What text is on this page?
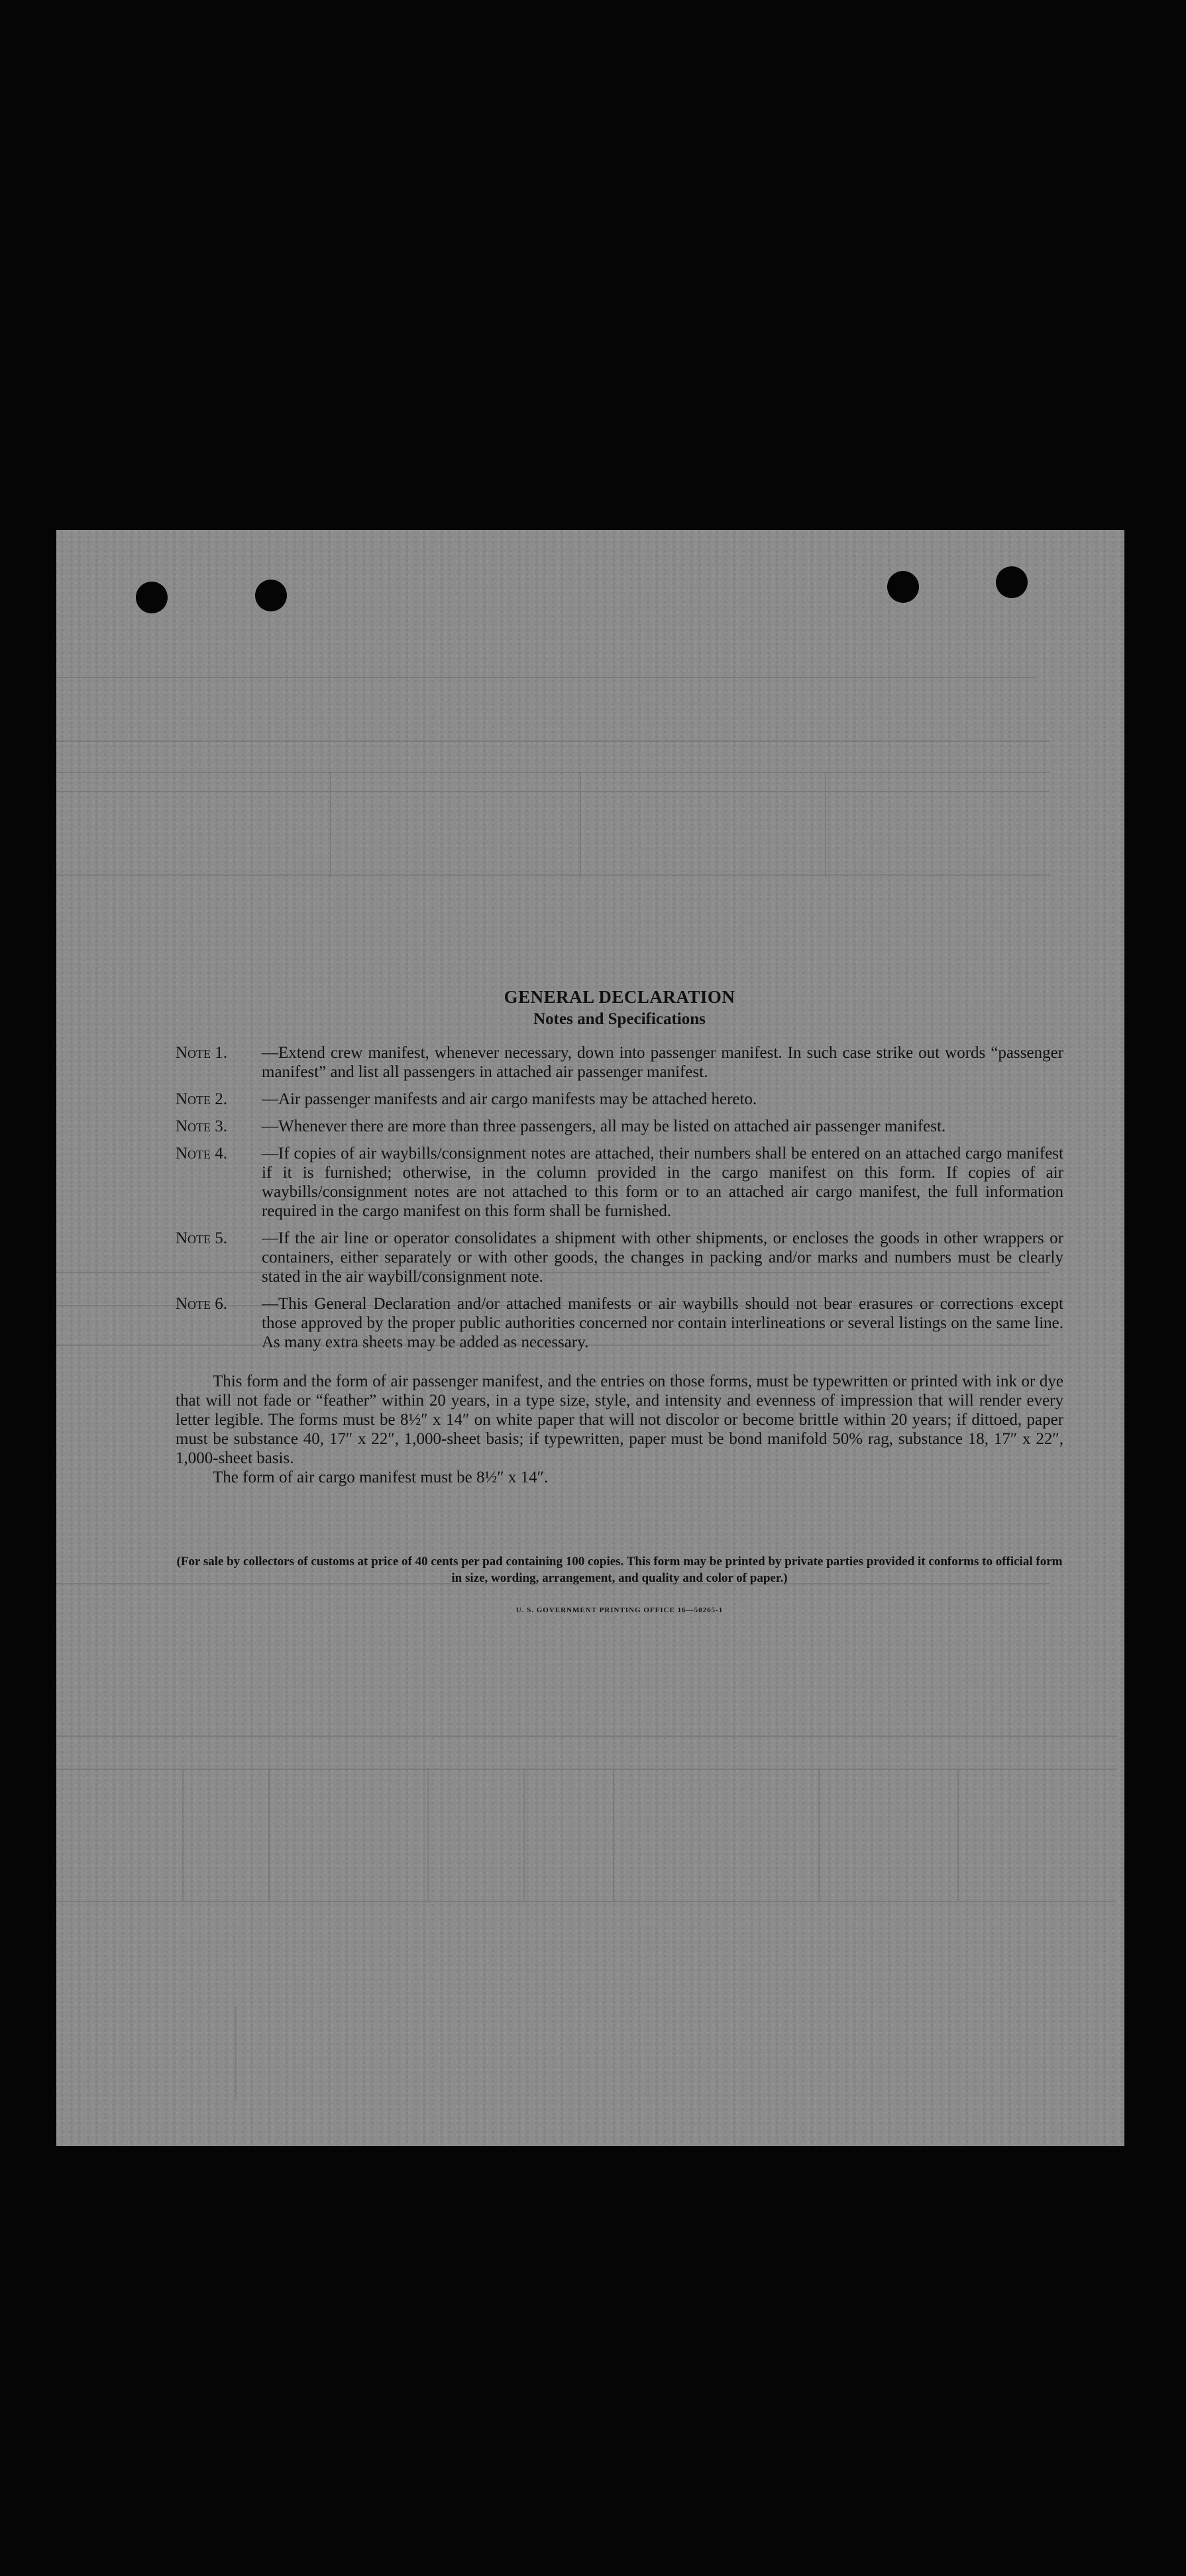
GENERAL DECLARATION

Notes and Specifications

Note 1.	—Extend crew manifest, whenever necessary, down into passenger manifest. In such case strike out words “passenger manifest” and list all passengers in attached air passenger manifest.
Note 2.	—Air passenger manifests and air cargo manifests may be attached hereto.
Note 3.	—Whenever there are more than three passengers, all may be listed on attached air passenger manifest.
Note 4.	—If copies of air waybills/consignment notes are attached, their numbers shall be entered on an attached cargo manifest if it is furnished; otherwise, in the column provided in the cargo manifest on this form. If copies of air waybills/consignment notes are not attached to this form or to an attached air cargo manifest, the full information required in the cargo manifest on this form shall be furnished.
Note 5.	—If the air line or operator consolidates a shipment with other shipments, or encloses the goods in other wrappers or containers, either separately or with other goods, the changes in packing and/or marks and numbers must be clearly stated in the air waybill/consignment note.
Note 6.	—This General Declaration and/or attached manifests or air waybills should not bear erasures or corrections except those approved by the proper public authorities concerned nor contain interlineations or several listings on the same line. As many extra sheets may be added as necessary.

This form and the form of air passenger manifest, and the entries on those forms, must be typewritten or printed with ink or dye that will not fade or “feather” within 20 years, in a type size, style, and intensity and evenness of impression that will render every letter legible. The forms must be 8½″ x 14″ on white paper that will not discolor or become brittle within 20 years; if dittoed, paper must be substance 40, 17″ x 22″, 1,000-sheet basis; if typewritten, paper must be bond manifold 50% rag, substance 18, 17″ x 22″, 1,000-sheet basis.

The form of air cargo manifest must be 8½″ x 14″.

(For sale by collectors of customs at price of 40 cents per pad containing 100 copies. This form may be printed by private parties provided it conforms to official form in size, wording, arrangement, and quality and color of paper.)

U. S. GOVERNMENT PRINTING OFFICE 16—50265-1
